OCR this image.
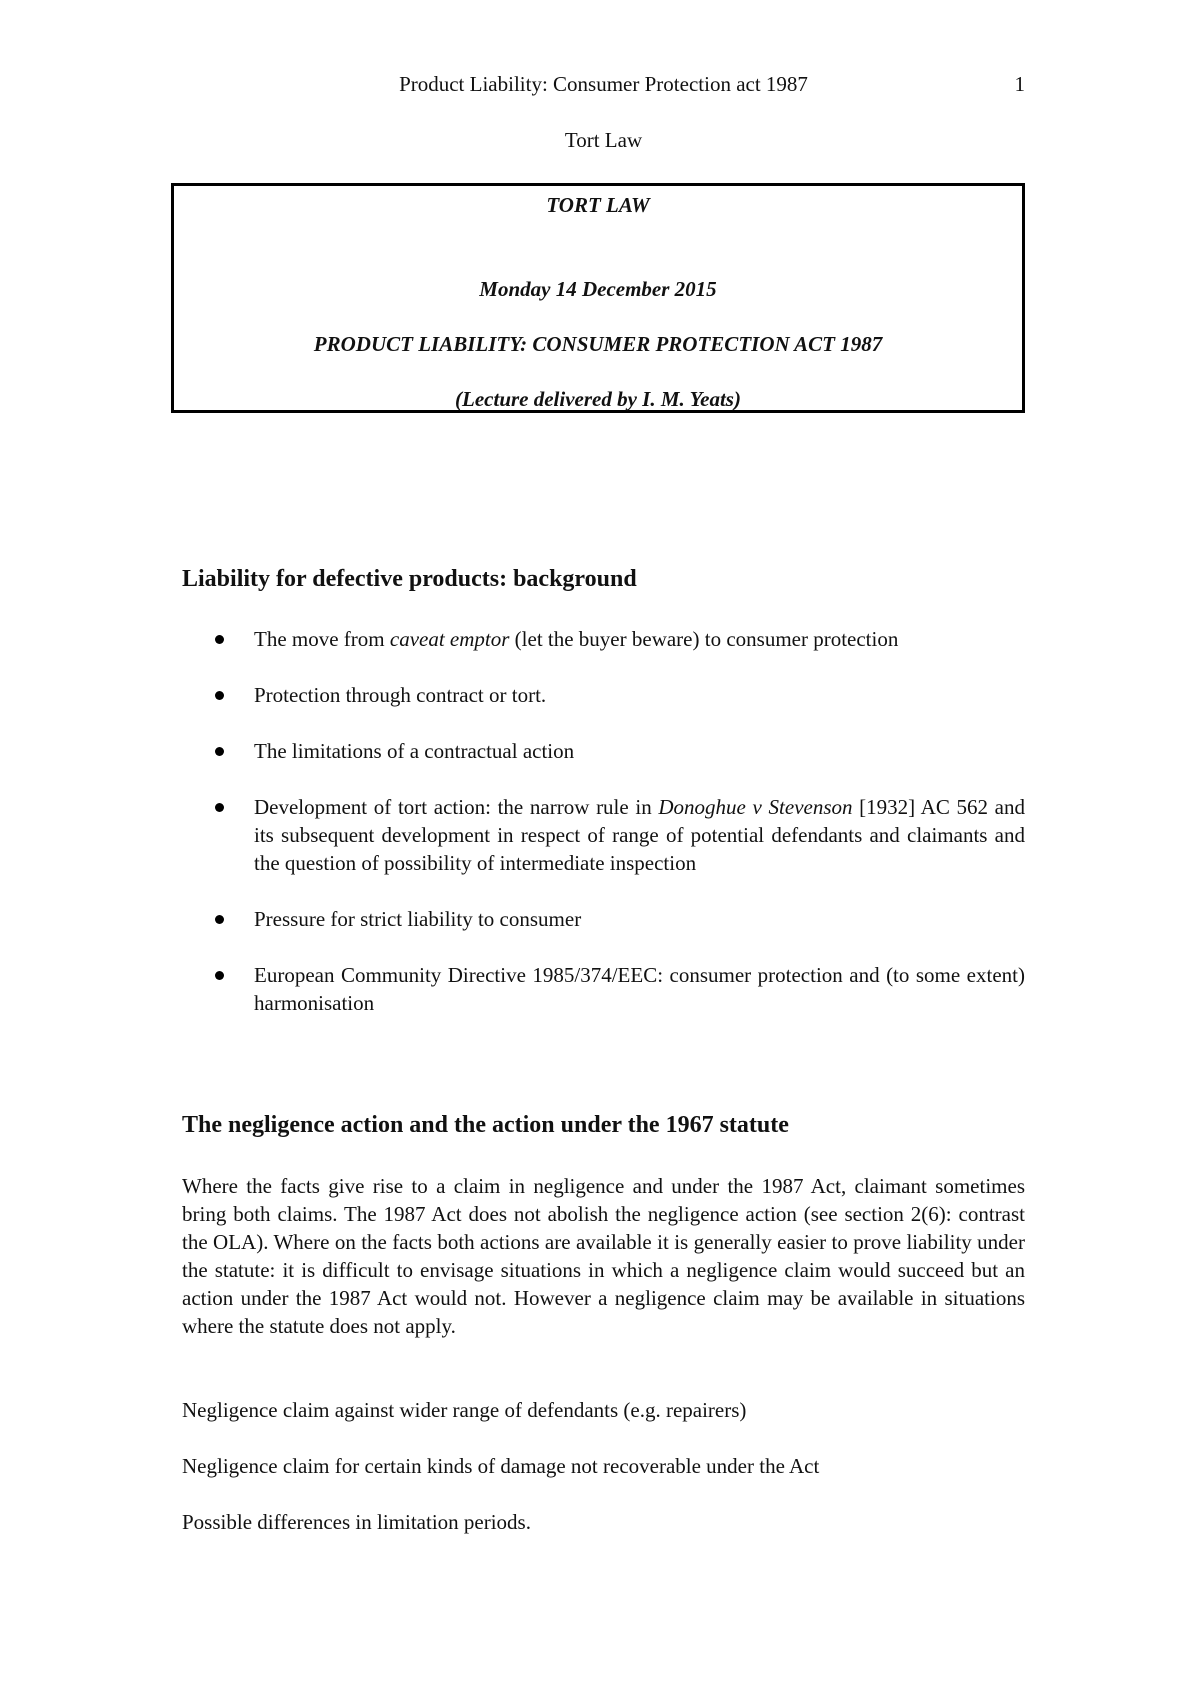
Product Liability: Consumer Protection act 1987	1
Tort Law
TORT LAW
Monday 14 December 2015
PRODUCT LIABILITY: CONSUMER PROTECTION ACT 1987
(Lecture delivered by I. M. Yeats)
Liability for defective products: background
The move from caveat emptor (let the buyer beware) to consumer protection
Protection through contract or tort.
The limitations of a contractual action
Development of tort action: the narrow rule in Donoghue v Stevenson [1932] AC 562 and its subsequent development in respect of range of potential defendants and claimants and the question of possibility of intermediate inspection
Pressure for strict liability to consumer
European Community Directive 1985/374/EEC: consumer protection and (to some extent) harmonisation
The negligence action and the action under the 1967 statute

Where the facts give rise to a claim in negligence and under the 1987 Act, claimant sometimes bring both claims. The 1987 Act does not abolish the negligence action (see section 2(6): contrast the OLA). Where on the facts both actions are available it is generally easier to prove liability under the statute: it is difficult to envisage situations in which a negligence claim would succeed but an action under the 1987 Act would not. However a negligence claim may be available in situations where the statute does not apply.

Negligence claim against wider range of defendants (e.g. repairers)

Negligence claim for certain kinds of damage not recoverable under the Act

Possible differences in limitation periods.
